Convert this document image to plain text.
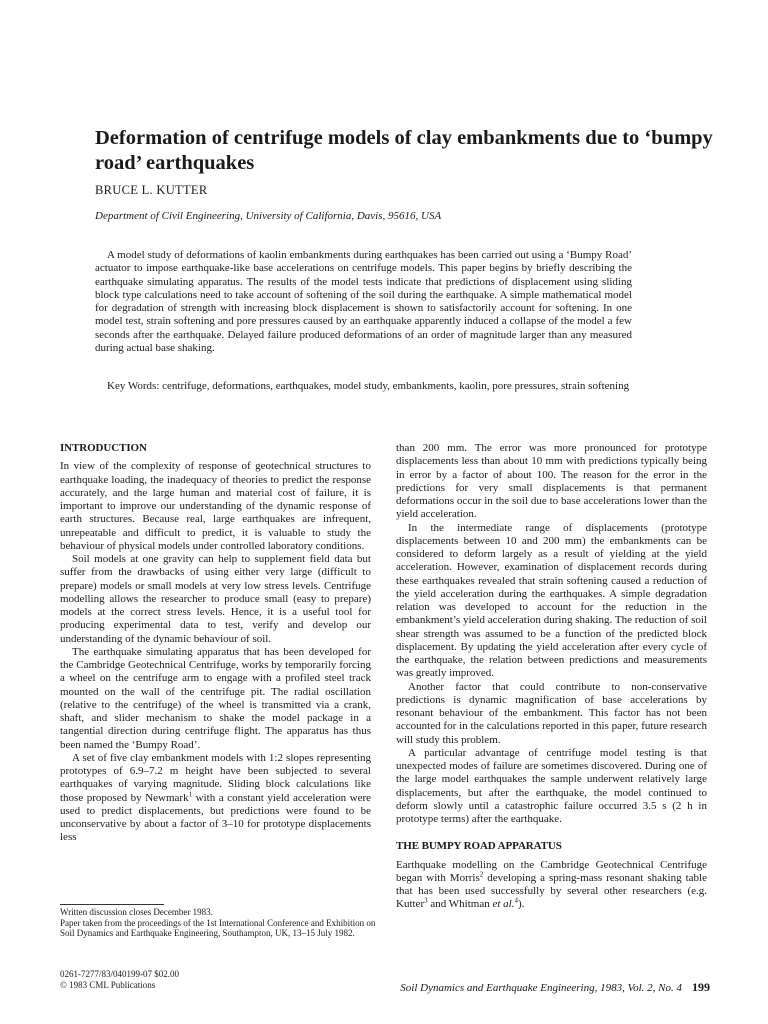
Deformation of centrifuge models of clay embankments due to ‘bumpy road’ earthquakes

BRUCE L. KUTTER

Department of Civil Engineering, University of California, Davis, 95616, USA

A model study of deformations of kaolin embankments during earthquakes has been carried out using a ‘Bumpy Road’ actuator to impose earthquake-like base accelerations on centrifuge models. This paper begins by briefly describing the earthquake simulating apparatus. The results of the model tests indicate that predictions of displacement using sliding block type calculations need to take account of softening of the soil during the earthquake. A simple mathematical model for degradation of strength with increasing block displacement is shown to satisfactorily account for softening. In one model test, strain softening and pore pressures caused by an earthquake apparently induced a collapse of the model a few seconds after the earthquake. Delayed failure produced deformations of an order of magnitude larger than any measured during actual base shaking.

Key Words: centrifuge, deformations, earthquakes, model study, embankments, kaolin, pore pressures, strain softening

INTRODUCTION

In view of the complexity of response of geotechnical structures to earthquake loading, the inadequacy of theories to predict the response accurately, and the large human and material cost of failure, it is important to improve our understanding of the dynamic response of earth structures. Because real, large earthquakes are infrequent, unrepeatable and difficult to predict, it is valuable to study the behaviour of physical models under controlled laboratory conditions.

Soil models at one gravity can help to supplement field data but suffer from the drawbacks of using either very large (difficult to prepare) models or small models at very low stress levels. Centrifuge modelling allows the researcher to produce small (easy to prepare) models at the correct stress levels. Hence, it is a useful tool for producing experimental data to test, verify and develop our understanding of the dynamic behaviour of soil.

The earthquake simulating apparatus that has been developed for the Cambridge Geotechnical Centrifuge, works by temporarily forcing a wheel on the centrifuge arm to engage with a profiled steel track mounted on the wall of the centrifuge pit. The radial oscillation (relative to the centrifuge) of the wheel is transmitted via a crank, shaft, and slider mechanism to shake the model package in a tangential direction during centrifuge flight. The apparatus has thus been named the ‘Bumpy Road’.

A set of five clay embankment models with 1:2 slopes representing prototypes of 6.9–7.2 m height have been subjected to several earthquakes of varying magnitude. Sliding block calculations like those proposed by Newmark$^1$ with a constant yield acceleration were used to predict displacements, but predictions were found to be unconservative by about a factor of 3–10 for prototype displacements less

than 200 mm. The error was more pronounced for prototype displacements less than about 10 mm with predictions typically being in error by a factor of about 100. The reason for the error in the predictions for very small displacements is that permanent deformations occur in the soil due to base accelerations lower than the yield acceleration.

In the intermediate range of displacements (prototype displacements between 10 and 200 mm) the embankments can be considered to deform largely as a result of yielding at the yield acceleration. However, examination of displacement records during these earthquakes revealed that strain softening caused a reduction of the yield acceleration during the earthquakes. A simple degradation relation was developed to account for the reduction in the embankment’s yield acceleration during shaking. The reduction of soil shear strength was assumed to be a function of the predicted block displacement. By updating the yield acceleration after every cycle of the earthquake, the relation between predictions and measurements was greatly improved.

Another factor that could contribute to non-conservative predictions is dynamic magnification of base accelerations by resonant behaviour of the embankment. This factor has not been accounted for in the calculations reported in this paper, future research will study this problem.

A particular advantage of centrifuge model testing is that unexpected modes of failure are sometimes discovered. During one of the large model earthquakes the sample underwent relatively large displacements, but after the earthquake, the model continued to deform slowly until a catastrophic failure occurred 3.5 s (2 h in prototype terms) after the earthquake.

THE BUMPY ROAD APPARATUS

Earthquake modelling on the Cambridge Geotechnical Centrifuge began with Morris$^2$ developing a spring-mass resonant shaking table that has been used successfully by several other researchers (e.g. Kutter$^3$ and Whitman et al.$^4$).

Written discussion closes December 1983.

Paper taken from the proceedings of the 1st International Conference and Exhibition on Soil Dynamics and Earthquake Engineering, Southampton, UK, 13–15 July 1982.

0261-7277/83/040199-07 $02.00

© 1983 CML Publications	Soil Dynamics and Earthquake Engineering, 1983, Vol. 2, No. 4 199
